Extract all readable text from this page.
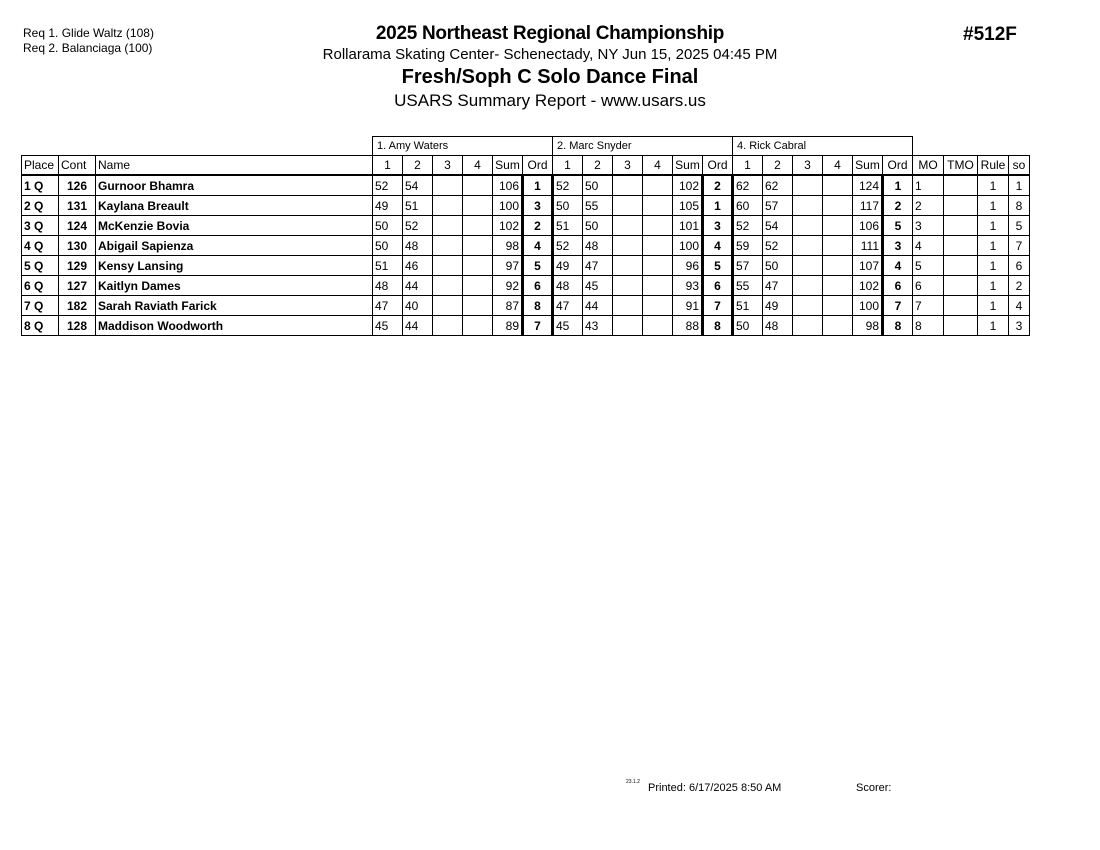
Req 1. Glide Waltz (108)
Req 2. Balanciaga (100)
2025 Northeast Regional Championship
Rollarama Skating Center- Schenectady, NY Jun 15, 2025 04:45 PM
Fresh/Soph C Solo Dance Final
USARS Summary Report - www.usars.us
#512F
			1. Amy Waters						2. Marc Snyder						4. Rick Cabral									
Place	Cont	Name	1	2	3	4	Sum	Ord	1	2	3	4	Sum	Ord	1	2	3	4	Sum	Ord	MO	TMO	Rule	so
1 Q	126	Gurnoor Bhamra	52	54			106	1	52	50			102	2	62	62			124	1	1		1	1
2 Q	131	Kaylana Breault	49	51			100	3	50	55			105	1	60	57			117	2	2		1	8
3 Q	124	McKenzie Bovia	50	52			102	2	51	50			101	3	52	54			106	5	3		1	5
4 Q	130	Abigail Sapienza	50	48			98	4	52	48			100	4	59	52			111	3	4		1	7
5 Q	129	Kensy Lansing	51	46			97	5	49	47			96	5	57	50			107	4	5		1	6
6 Q	127	Kaitlyn Dames	48	44			92	6	48	45			93	6	55	47			102	6	6		1	2
7 Q	182	Sarah Raviath Farick	47	40			87	8	47	44			91	7	51	49			100	7	7		1	4
8 Q	128	Maddison Woodworth	45	44			89	7	45	43			88	8	50	48			98	8	8		1	3
23.1.2 Printed: 6/17/2025 8:50 AM	Scorer:
